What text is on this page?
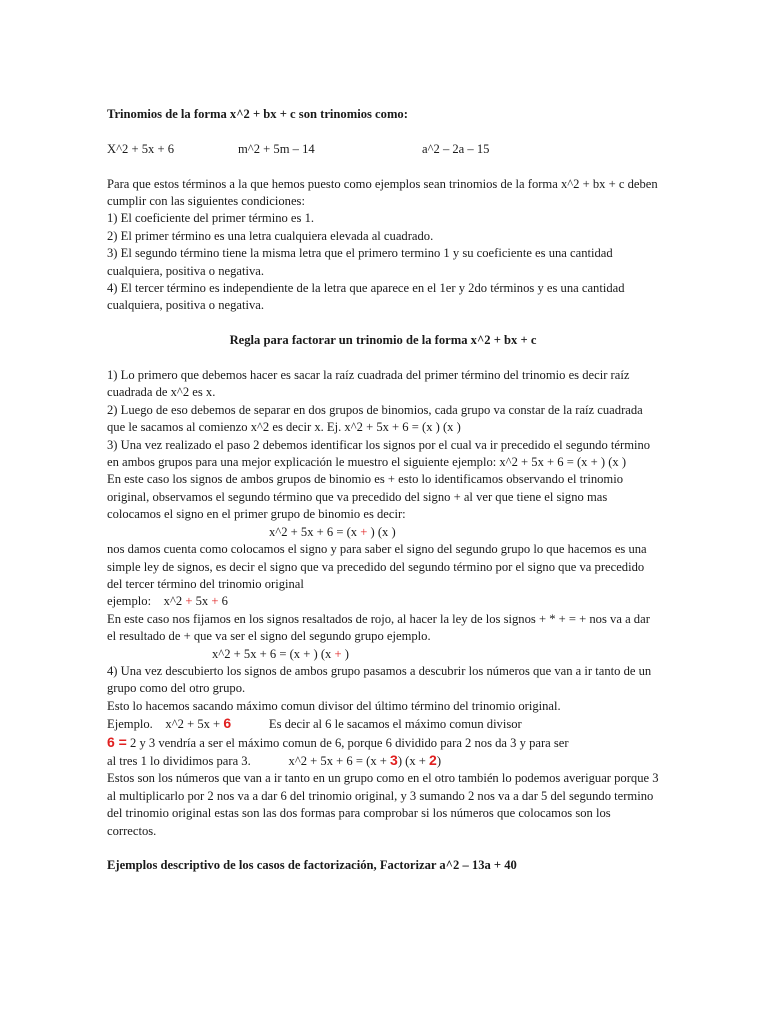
Trinomios de la forma x^2 + bx + c son trinomios como:

X^2 + 5x + 6	m^2 + 5m – 14	a^2 – 2a – 15

Para que estos términos a la que hemos puesto como ejemplos sean trinomios de la forma x^2 + bx + c deben cumplir con las siguientes condiciones:

1) El coeficiente del primer término es 1.

2) El primer término es una letra cualquiera elevada al cuadrado.

3) El segundo término tiene la misma letra que el primero termino 1 y su coeficiente es una cantidad cualquiera, positiva o negativa.

4) El tercer término es independiente de la letra que aparece en el 1er y 2do términos y es una cantidad cualquiera, positiva o negativa.

Regla para factorar un trinomio de la forma x^2 + bx + c

1) Lo primero que debemos hacer es sacar la raíz cuadrada del primer término del trinomio es decir raíz cuadrada de x^2 es x.

2) Luego de eso debemos de separar en dos grupos de binomios, cada grupo va constar de la raíz cuadrada que le sacamos al comienzo x^2 es decir x. Ej. x^2 + 5x + 6 = (x ) (x )

3) Una vez realizado el paso 2 debemos identificar los signos por el cual va ir precedido el segundo término en ambos grupos para una mejor explicación le muestro el siguiente ejemplo: x^2 + 5x + 6 = (x + ) (x )

En este caso los signos de ambos grupos de binomio es + esto lo identificamos observando el trinomio original, observamos el segundo término que va precedido del signo + al ver que tiene el signo mas colocamos el signo en el primer grupo de binomio es decir:

x^2 + 5x + 6 = (x + ) (x )

nos damos cuenta como colocamos el signo y para saber el signo del segundo grupo lo que hacemos es una simple ley de signos, es decir el signo que va precedido del segundo término por el signo que va precedido del tercer término del trinomio original

ejemplo:    x^2 + 5x + 6

En este caso nos fijamos en los signos resaltados de rojo, al hacer la ley de los signos + * + = + nos va a dar el resultado de + que va ser el signo del segundo grupo ejemplo.

x^2 + 5x + 6 = (x + ) (x + )

4) Una vez descubierto los signos de ambos grupo pasamos a descubrir los números que van a ir tanto de un grupo como del otro grupo.

Esto lo hacemos sacando máximo comun divisor del último término del trinomio original.

Ejemplo.    x^2 + 5x + 6            Es decir al 6 le sacamos el máximo comun divisor

6 = 2 y 3 vendría a ser el máximo comun de 6, porque 6 dividido para 2 nos da 3 y para ser

al tres 1 lo dividimos para 3.            x^2 + 5x + 6 = (x + 3) (x + 2)

Estos son los números que van a ir tanto en un grupo como en el otro también lo podemos averiguar porque 3 al multiplicarlo por 2 nos va a dar 6 del trinomio original, y 3 sumando 2 nos va a dar 5 del segundo termino del trinomio original estas son las dos formas para comprobar si los números que colocamos son los correctos.

Ejemplos descriptivo de los casos de factorización, Factorizar a^2 – 13a + 40
